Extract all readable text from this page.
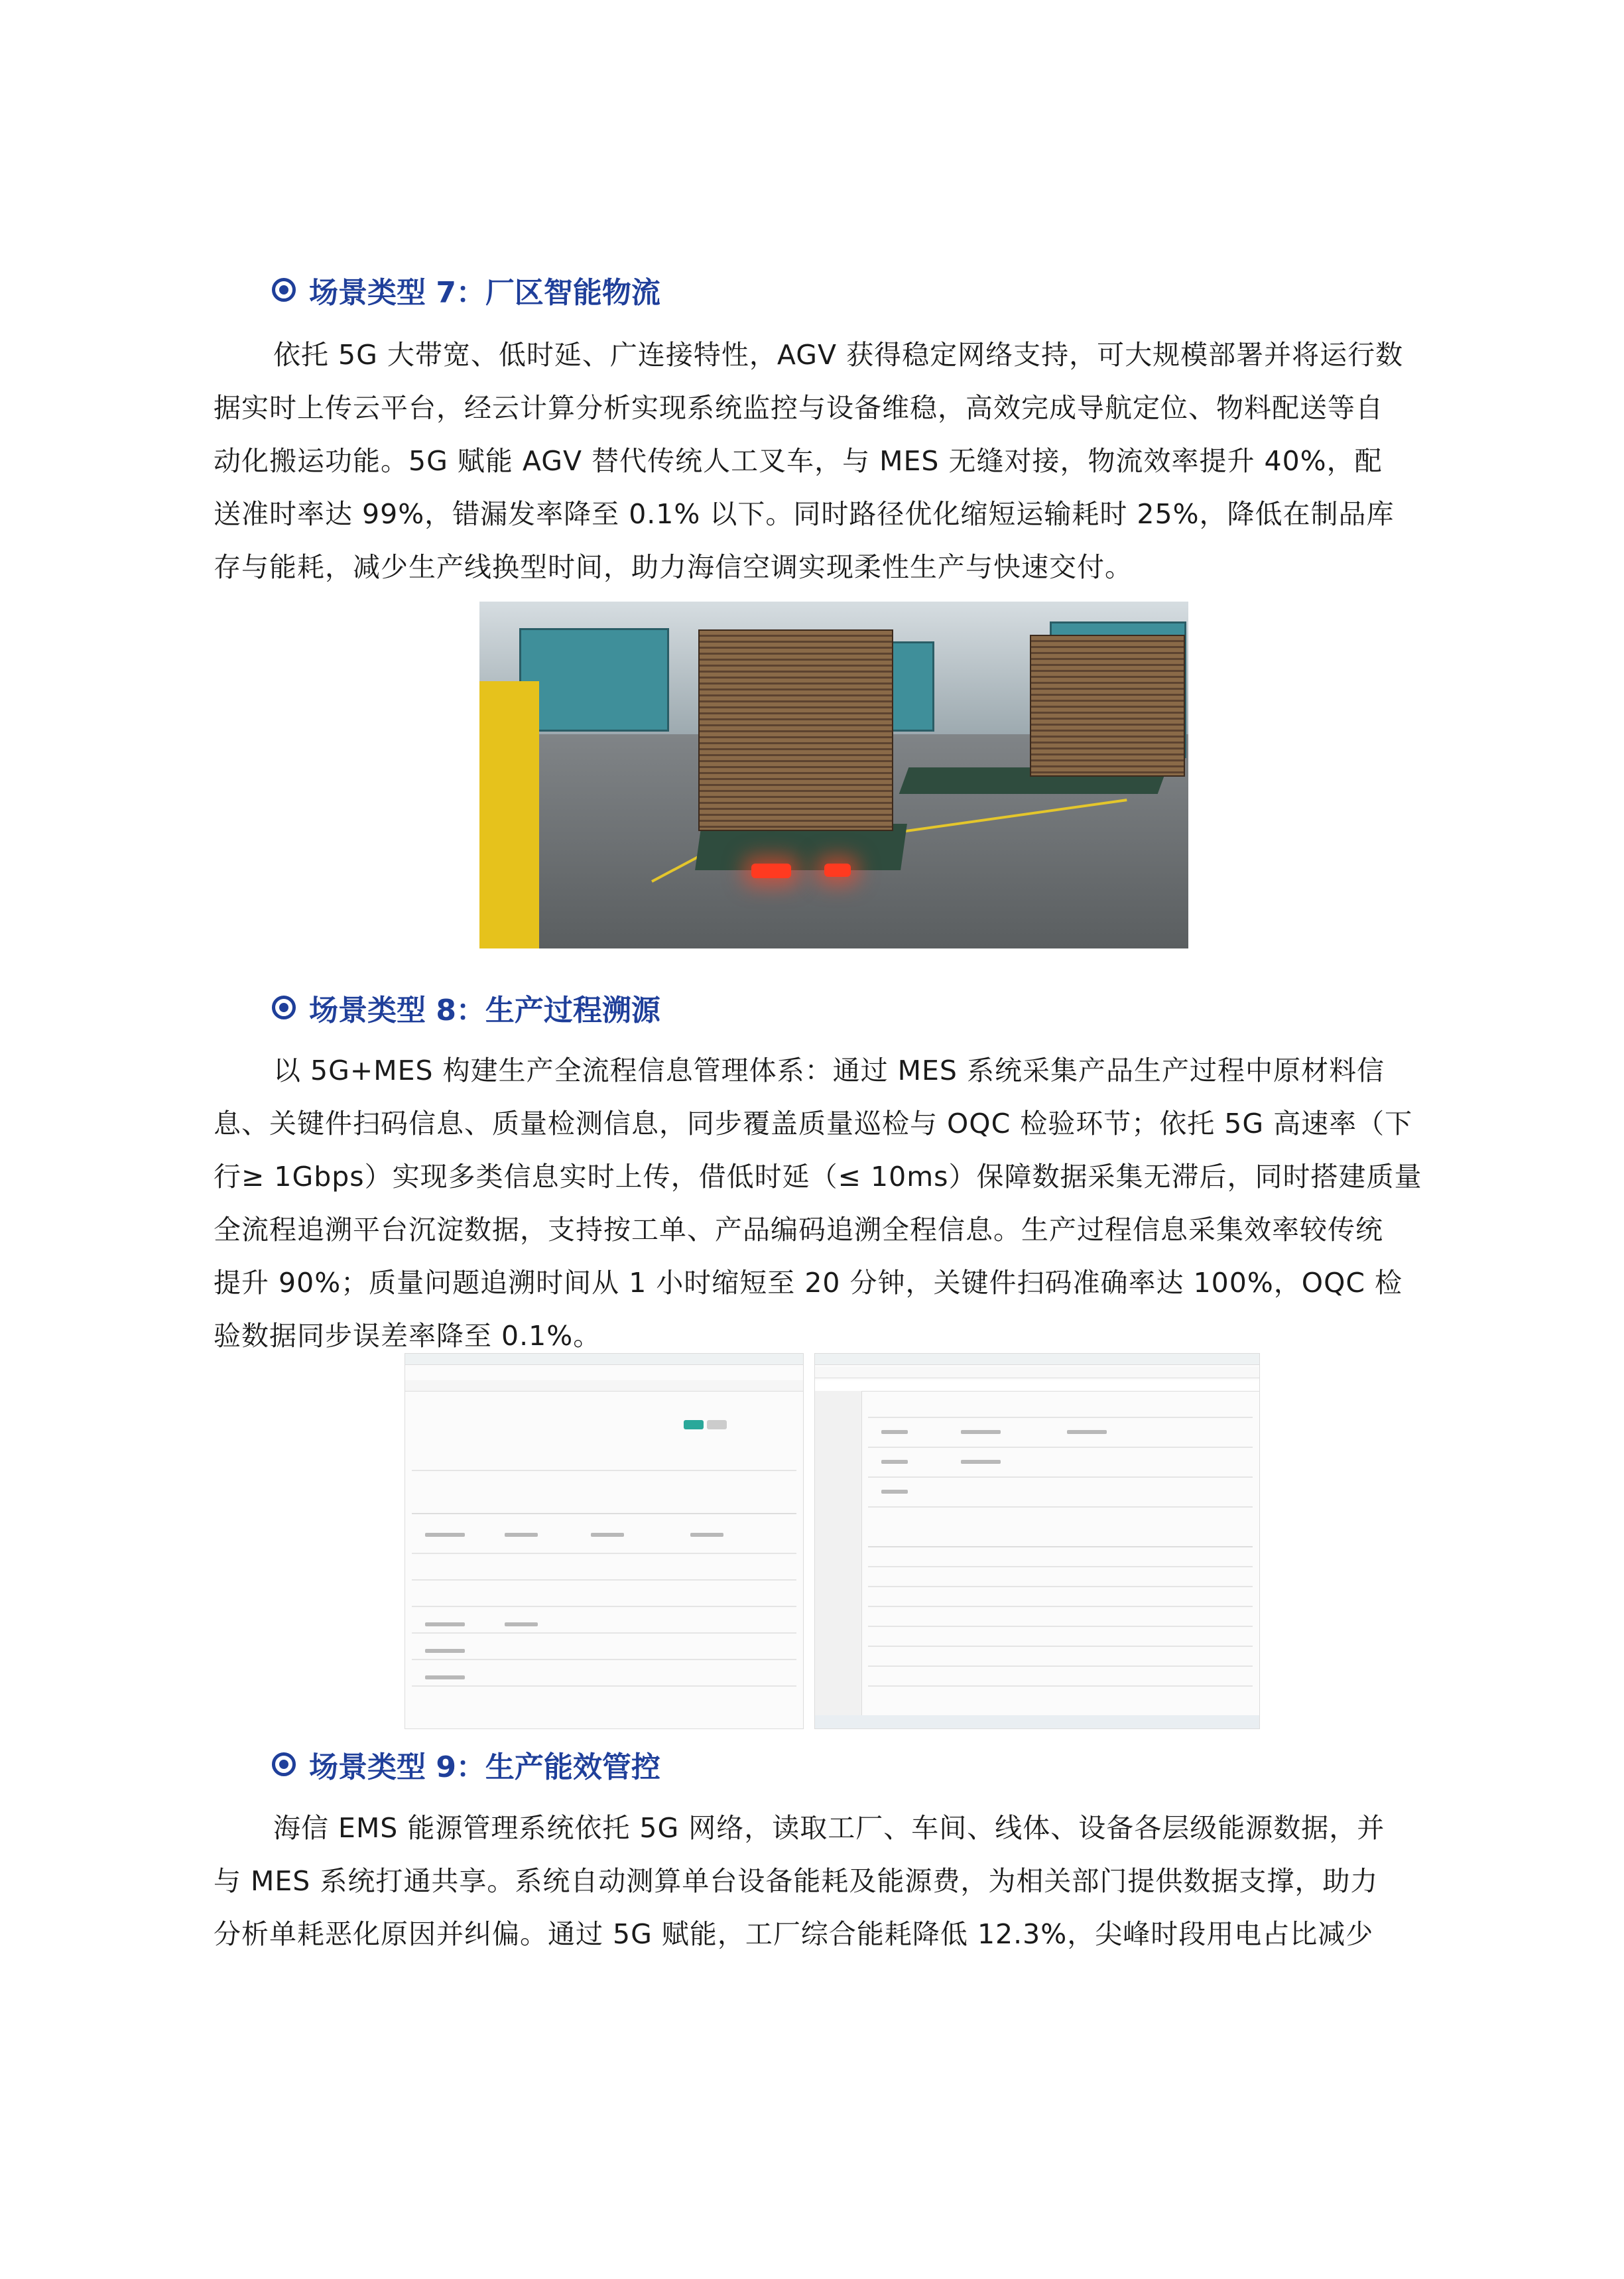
场景类型 7：厂区智能物流

依托 5G 大带宽、低时延、广连接特性，AGV 获得稳定网络支持，可大规模部署并将运行数

据实时上传云平台，经云计算分析实现系统监控与设备维稳，高效完成导航定位、物料配送等自

动化搬运功能。5G 赋能 AGV 替代传统人工叉车，与 MES 无缝对接，物流效率提升 40%，配

送准时率达 99%，错漏发率降至 0.1% 以下。同时路径优化缩短运输耗时 25%，降低在制品库

存与能耗，减少生产线换型时间，助力海信空调实现柔性生产与快速交付。

场景类型 8：生产过程溯源

以 5G+MES 构建生产全流程信息管理体系：通过 MES 系统采集产品生产过程中原材料信

息、关键件扫码信息、质量检测信息，同步覆盖质量巡检与 OQC 检验环节；依托 5G 高速率（下

行≥ 1Gbps）实现多类信息实时上传，借低时延（≤ 10ms）保障数据采集无滞后，同时搭建质量

全流程追溯平台沉淀数据，支持按工单、产品编码追溯全程信息。生产过程信息采集效率较传统

提升 90%；质量问题追溯时间从 1 小时缩短至 20 分钟，关键件扫码准确率达 100%，OQC 检

验数据同步误差率降至 0.1%。

场景类型 9：生产能效管控

海信 EMS 能源管理系统依托 5G 网络，读取工厂、车间、线体、设备各层级能源数据，并

与 MES 系统打通共享。系统自动测算单台设备能耗及能源费，为相关部门提供数据支撑，助力

分析单耗恶化原因并纠偏。通过 5G 赋能，工厂综合能耗降低 12.3%，尖峰时段用电占比减少
